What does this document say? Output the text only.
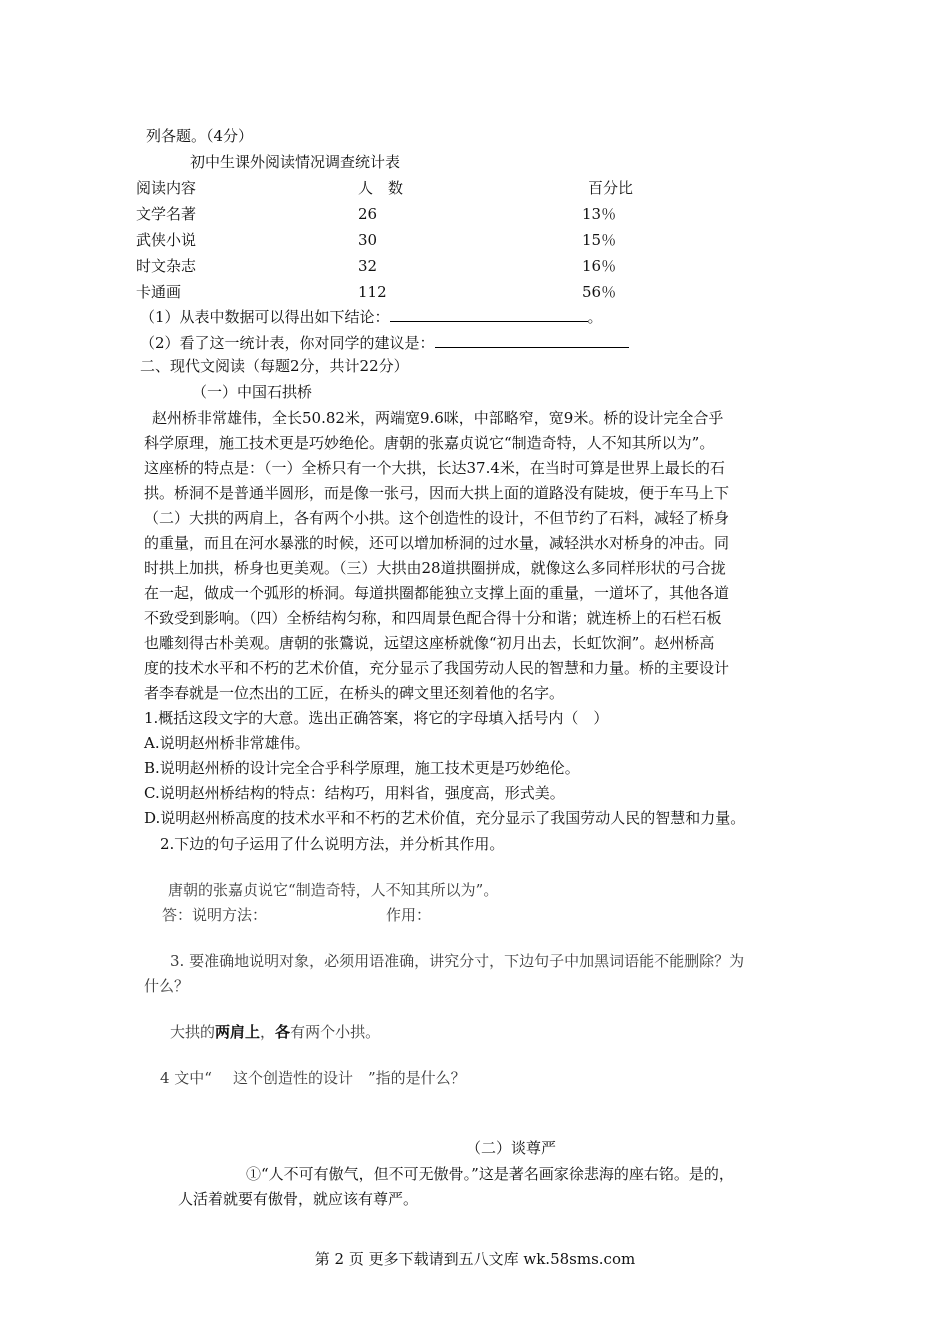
列各题。（4分）
初中生课外阅读情况调查统计表
阅读内容	人　数	百分比
文学名著	26	13％
武侠小说	30	15％
时文杂志	32	16％
卡通画	112	56％
（1）从表中数据可以得出如下结论：	。
（2）看了这一统计表，你对同学的建议是：
二、现代文阅读（每题2分，共计22分）
（一）中国石拱桥
赵州桥非常雄伟，全长50.82米，两端宽9.6咪，中部略窄，宽9米。桥的设计完全合乎
科学原理，施工技术更是巧妙绝伦。唐朝的张嘉贞说它“制造奇特，人不知其所以为”。
这座桥的特点是：（一）全桥只有一个大拱，长达37.4米，在当时可算是世界上最长的石
拱。桥洞不是普通半圆形，而是像一张弓，因而大拱上面的道路没有陡坡，便于车马上下
（二）大拱的两肩上，各有两个小拱。这个创造性的设计，不但节约了石料，减轻了桥身
的重量，而且在河水暴涨的时候，还可以增加桥洞的过水量，减轻洪水对桥身的冲击。同
时拱上加拱，桥身也更美观。（三）大拱由28道拱圈拼成，就像这么多同样形状的弓合拢
在一起，做成一个弧形的桥洞。每道拱圈都能独立支撑上面的重量，一道坏了，其他各道
不致受到影响。（四）全桥结构匀称，和四周景色配合得十分和谐；就连桥上的石栏石板
也雕刻得古朴美观。唐朝的张鷟说，远望这座桥就像“初月出去，长虹饮涧”。赵州桥高
度的技术水平和不朽的艺术价值，充分显示了我国劳动人民的智慧和力量。桥的主要设计
者李春就是一位杰出的工匠，在桥头的碑文里还刻着他的名字。
1.概括这段文字的大意。选出正确答案，将它的字母填入括号内（　）
A.说明赵州桥非常雄伟。
B.说明赵州桥的设计完全合乎科学原理，施工技术更是巧妙绝伦。
C.说明赵州桥结构的特点：结构巧，用料省，强度高，形式美。
D.说明赵州桥高度的技术水平和不朽的艺术价值，充分显示了我国劳动人民的智慧和力量。
2.下边的句子运用了什么说明方法，并分析其作用。
唐朝的张嘉贞说它“制造奇特，人不知其所以为”。
答：说明方法：	作用：
3. 要准确地说明对象，必须用语准确，讲究分寸，下边句子中加黑词语能不能删除？为
什么？
大拱的两肩上，各有两个小拱。
4 文中“　这个创造性的设计　”指的是什么？
（二）谈尊严
①“人不可有傲气，但不可无傲骨。”这是著名画家徐悲海的座右铭。是的，
人活着就要有傲骨，就应该有尊严。
第 2 页 更多下载请到五八文库 wk.58sms.com
